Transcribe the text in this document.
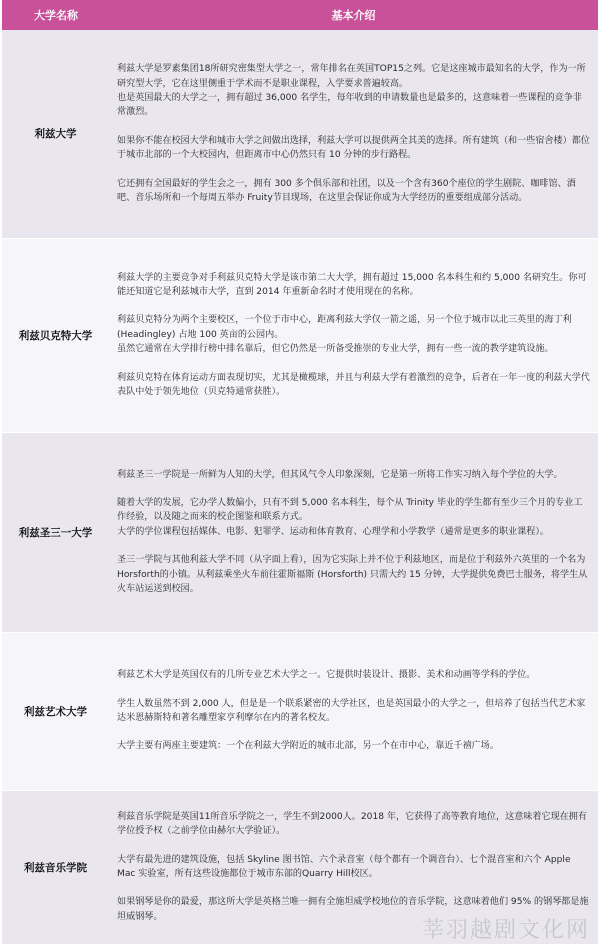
大学名称	基本介绍
利兹大学	利兹大学是罗素集团18所研究密集型大学之一，常年排名在英国TOP15之列。它是这座城市最知名的大学，作为一所研究型大学，它在这里侧重于学术而不是职业课程，入学要求普遍较高。

也是英国最大的大学之一，拥有超过 36,000 名学生，每年收到的申请数量也是最多的，这意味着一些课程的竞争非常激烈。

如果你不能在校园大学和城市大学之间做出选择，利兹大学可以提供两全其美的选择。所有建筑（和一些宿舍楼）都位于城市北部的一个大校园内，但距离市中心仍然只有 10 分钟的步行路程。

它还拥有全国最好的学生会之一，拥有 300 多个俱乐部和社团，以及一个含有360个座位的学生剧院、咖啡馆、酒吧、音乐场所和一个每周五举办 Fruity节目现场，在这里会保证你成为大学经历的重要组成部分活动。

利兹贝克特大学	利兹大学的主要竞争对手利兹贝克特大学是该市第二大大学，拥有超过 15,000 名本科生和约 5,000 名研究生。你可能还知道它是利兹城市大学，直到 2014 年重新命名时才使用现在的名称。

利兹贝克特分为两个主要校区，一个位于市中心，距离利兹大学仅一箭之遥，另一个位于城市以北三英里的海丁利 (Headingley) 占地 100 英亩的公园内。

虽然它通常在大学排行榜中排名靠后，但它仍然是一所备受推崇的专业大学，拥有一些一流的教学建筑设施。

利兹贝克特在体育运动方面表现切实，尤其是橄榄球，并且与利兹大学有着激烈的竞争，后者在一年一度的利兹大学代表队中处于领先地位（贝克特通常获胜）。

利兹圣三一大学	利兹圣三一学院是一所鲜为人知的大学，但其风气令人印象深刻，它是第一所将工作实习纳入每个学位的大学。

随着大学的发展，它办学人数偏小，只有不到 5,000 名本科生，每个从 Trinity 毕业的学生都有至少三个月的专业工作经验，以及随之而来的校企图鉴和联系方式。

大学的学位课程包括媒体、电影、犯罪学、运动和体育教育、心理学和小学教学（通常是更多的职业课程）。

圣三一学院与其他利兹大学不同（从字面上看），因为它实际上并不位于利兹地区，而是位于利兹外六英里的一个名为Horsforth的小镇。从利兹乘坐火车前往霍斯福斯 (Horsforth) 只需大约 15 分钟，大学提供免费巴士服务，将学生从火车站运送到校园。

利兹艺术大学	利兹艺术大学是英国仅有的几所专业艺术大学之一。它提供时装设计、摄影、美术和动画等学科的学位。

学生人数虽然不到 2,000 人，但是是一个联系紧密的大学社区，也是英国最小的大学之一，但培养了包括当代艺术家达米恩赫斯特和著名雕塑家亨利摩尔在内的著名校友。

大学主要有两座主要建筑：一个在利兹大学附近的城市北部，另一个在市中心，靠近千禧广场。

利兹音乐学院	利兹音乐学院是英国11所音乐学院之一，学生不到2000人。2018 年，它获得了高等教育地位，这意味着它现在拥有学位授予权（之前学位由赫尔大学验证）。

大学有最先进的建筑设施，包括 Skyline 图书馆、六个录音室（每个都有一个调音台）、七个混音室和六个 Apple Mac 实验室，所有这些设施都位于城市东部的Quarry Hill校区。

如果钢琴是你的最爱，那这所大学是英格兰唯一拥有全施坦威学校地位的音乐学院，这意味着他们 95% 的钢琴都是施坦威钢琴。

莘羽越剧文化网
